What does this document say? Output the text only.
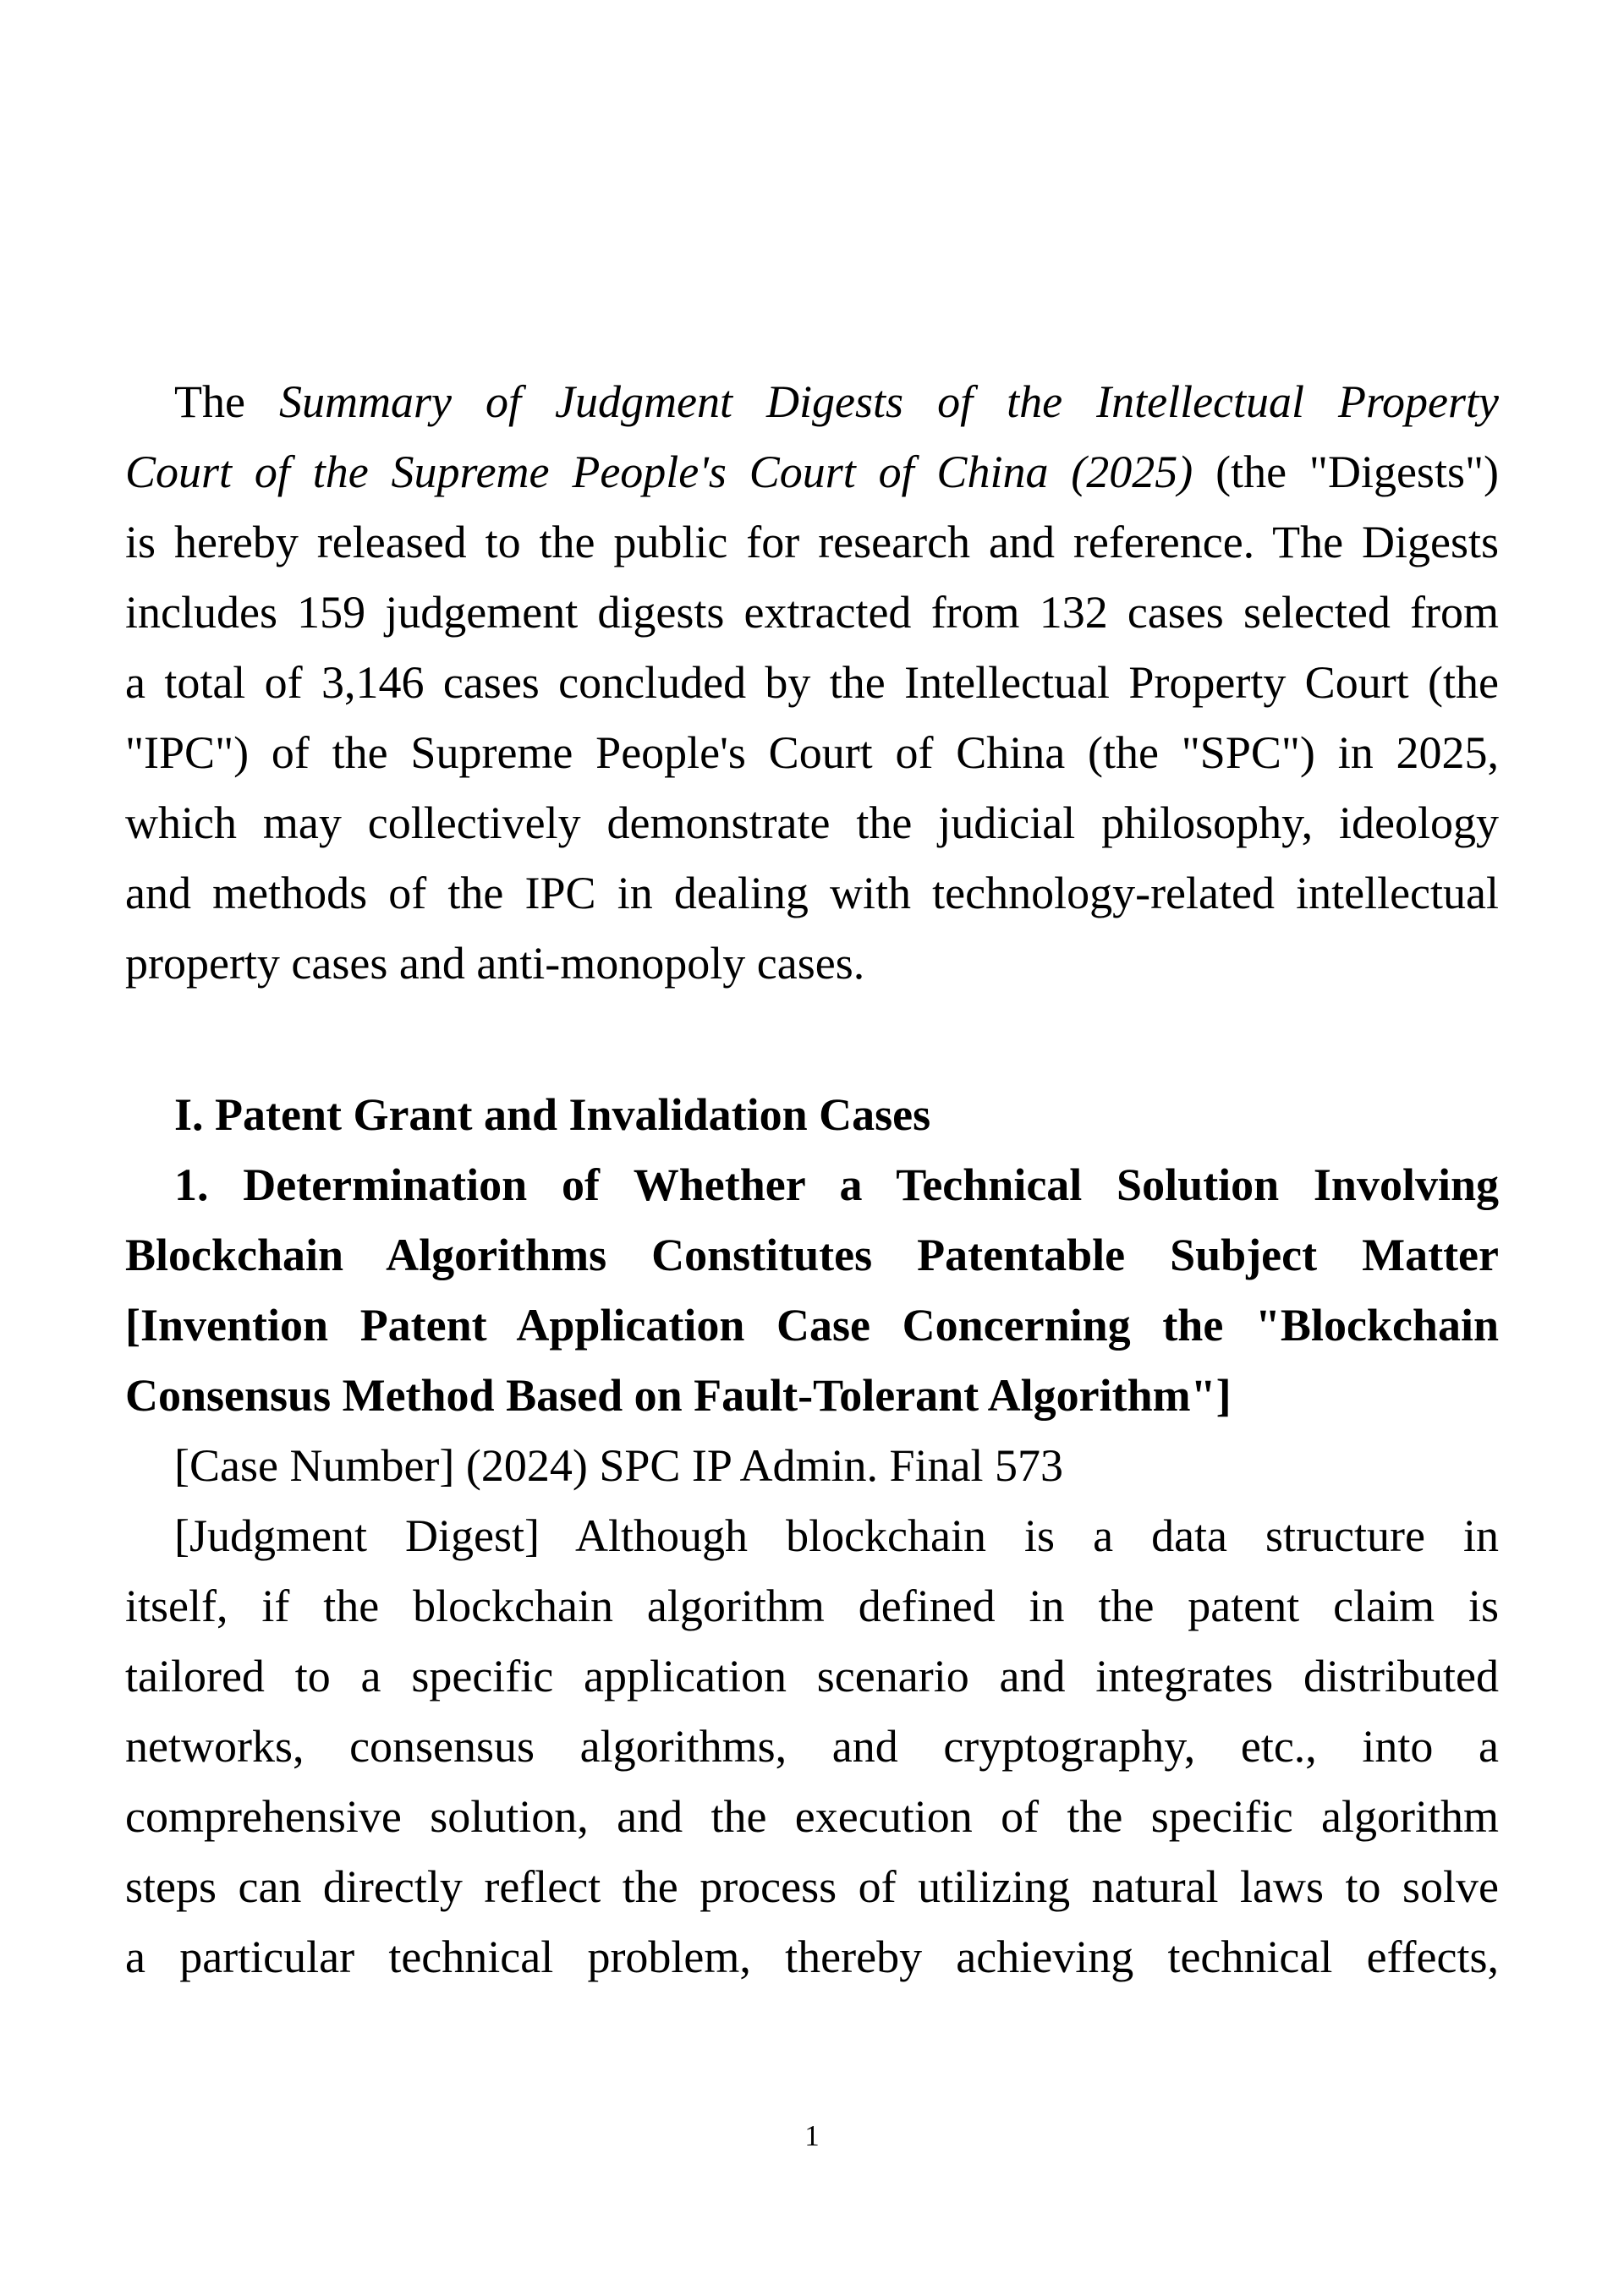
The Summary of Judgment Digests of the Intellectual Property
Court of the Supreme People's Court of China (2025) (the "Digests")
is hereby released to the public for research and reference. The Digests
includes 159 judgement digests extracted from 132 cases selected from
a total of 3,146 cases concluded by the Intellectual Property Court (the
"IPC") of the Supreme People's Court of China (the "SPC") in 2025,
which may collectively demonstrate the judicial philosophy, ideology
and methods of the IPC in dealing with technology-related intellectual
property cases and anti-monopoly cases.
I. Patent Grant and Invalidation Cases
1. Determination of Whether a Technical Solution Involving
Blockchain Algorithms Constitutes Patentable Subject Matter
[Invention Patent Application Case Concerning the "Blockchain
Consensus Method Based on Fault-Tolerant Algorithm"]
[Case Number] (2024) SPC IP Admin. Final 573
[Judgment Digest] Although blockchain is a data structure in
itself, if the blockchain algorithm defined in the patent claim is
tailored to a specific application scenario and integrates distributed
networks, consensus algorithms, and cryptography, etc., into a
comprehensive solution, and the execution of the specific algorithm
steps can directly reflect the process of utilizing natural laws to solve
a particular technical problem, thereby achieving technical effects,
1
